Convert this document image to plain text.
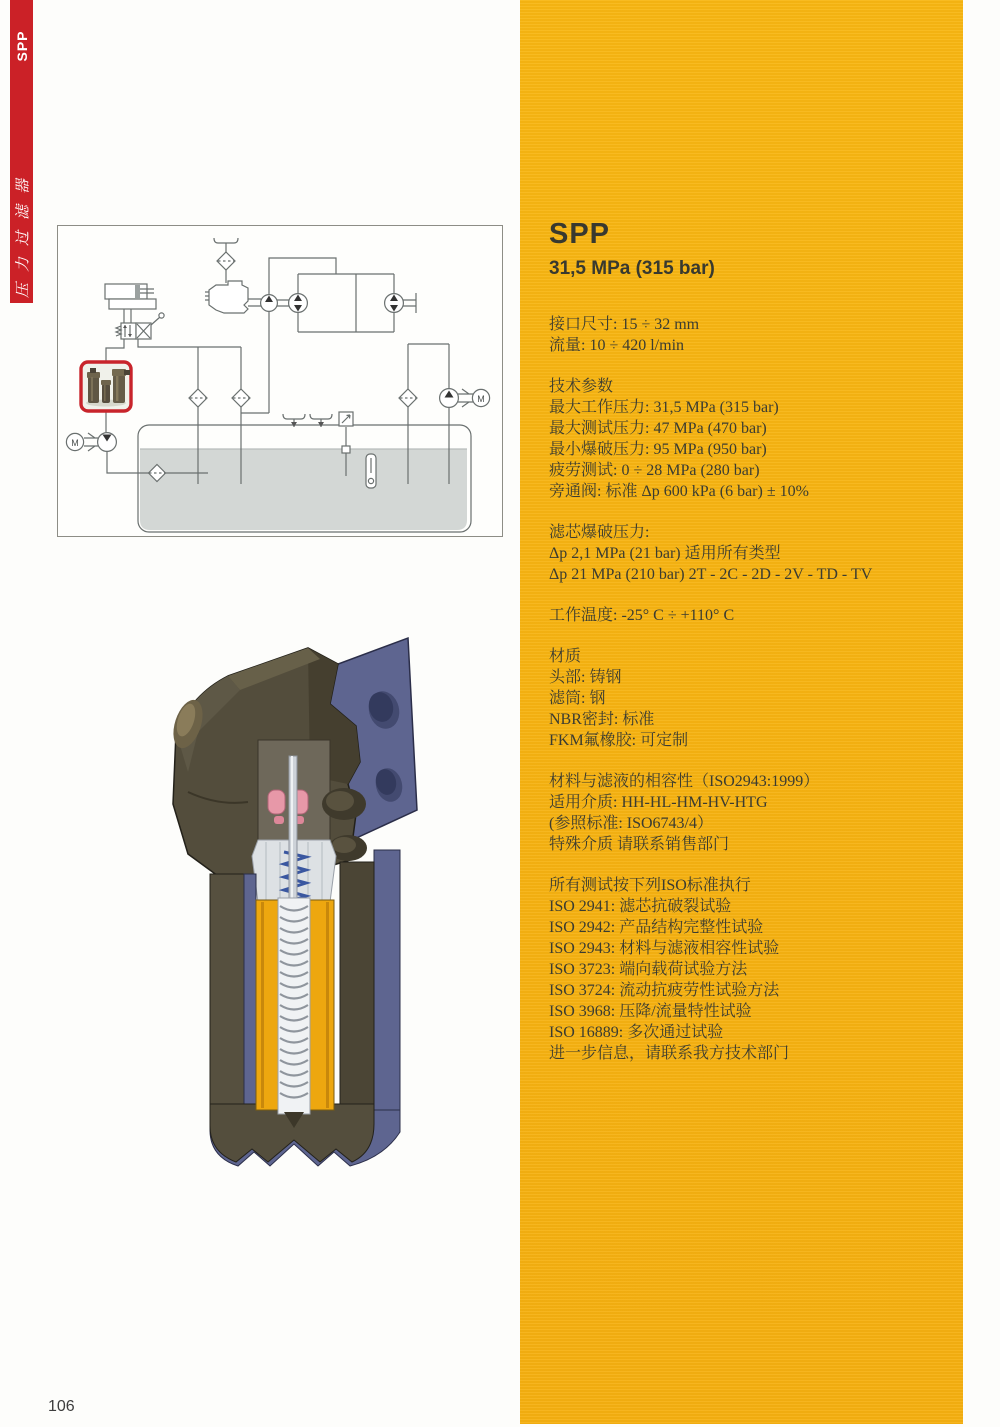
SPP
压力过滤器
M
M
SPP
31,5 MPa (315 bar)
接口尺寸: 15 ÷ 32 mm
流量: 10 ÷ 420 l/min
技术参数
最大工作压力: 31,5 MPa (315 bar)
最大测试压力: 47 MPa (470 bar)
最小爆破压力: 95 MPa (950 bar)
疲劳测试: 0 ÷ 28 MPa (280 bar)
旁通阀: 标准 Δp 600 kPa (6 bar) ± 10%
滤芯爆破压力:
Δp 2,1 MPa (21 bar) 适用所有类型
Δp 21 MPa (210 bar) 2T - 2C - 2D - 2V - TD - TV
工作温度: -25° C ÷ +110° C
材质
头部: 铸钢
滤筒: 钢
NBR密封: 标准
FKM氟橡胶: 可定制
材料与滤液的相容性（ISO2943:1999）
适用介质: HH-HL-HM-HV-HTG
(参照标准: ISO6743/4）
特殊介质 请联系销售部门
所有测试按下列ISO标准执行
ISO 2941: 滤芯抗破裂试验
ISO 2942: 产品结构完整性试验
ISO 2943: 材料与滤液相容性试验
ISO 3723: 端向载荷试验方法
ISO 3724: 流动抗疲劳性试验方法
ISO 3968: 压降/流量特性试验
ISO 16889: 多次通过试验
进一步信息，请联系我方技术部门
106
